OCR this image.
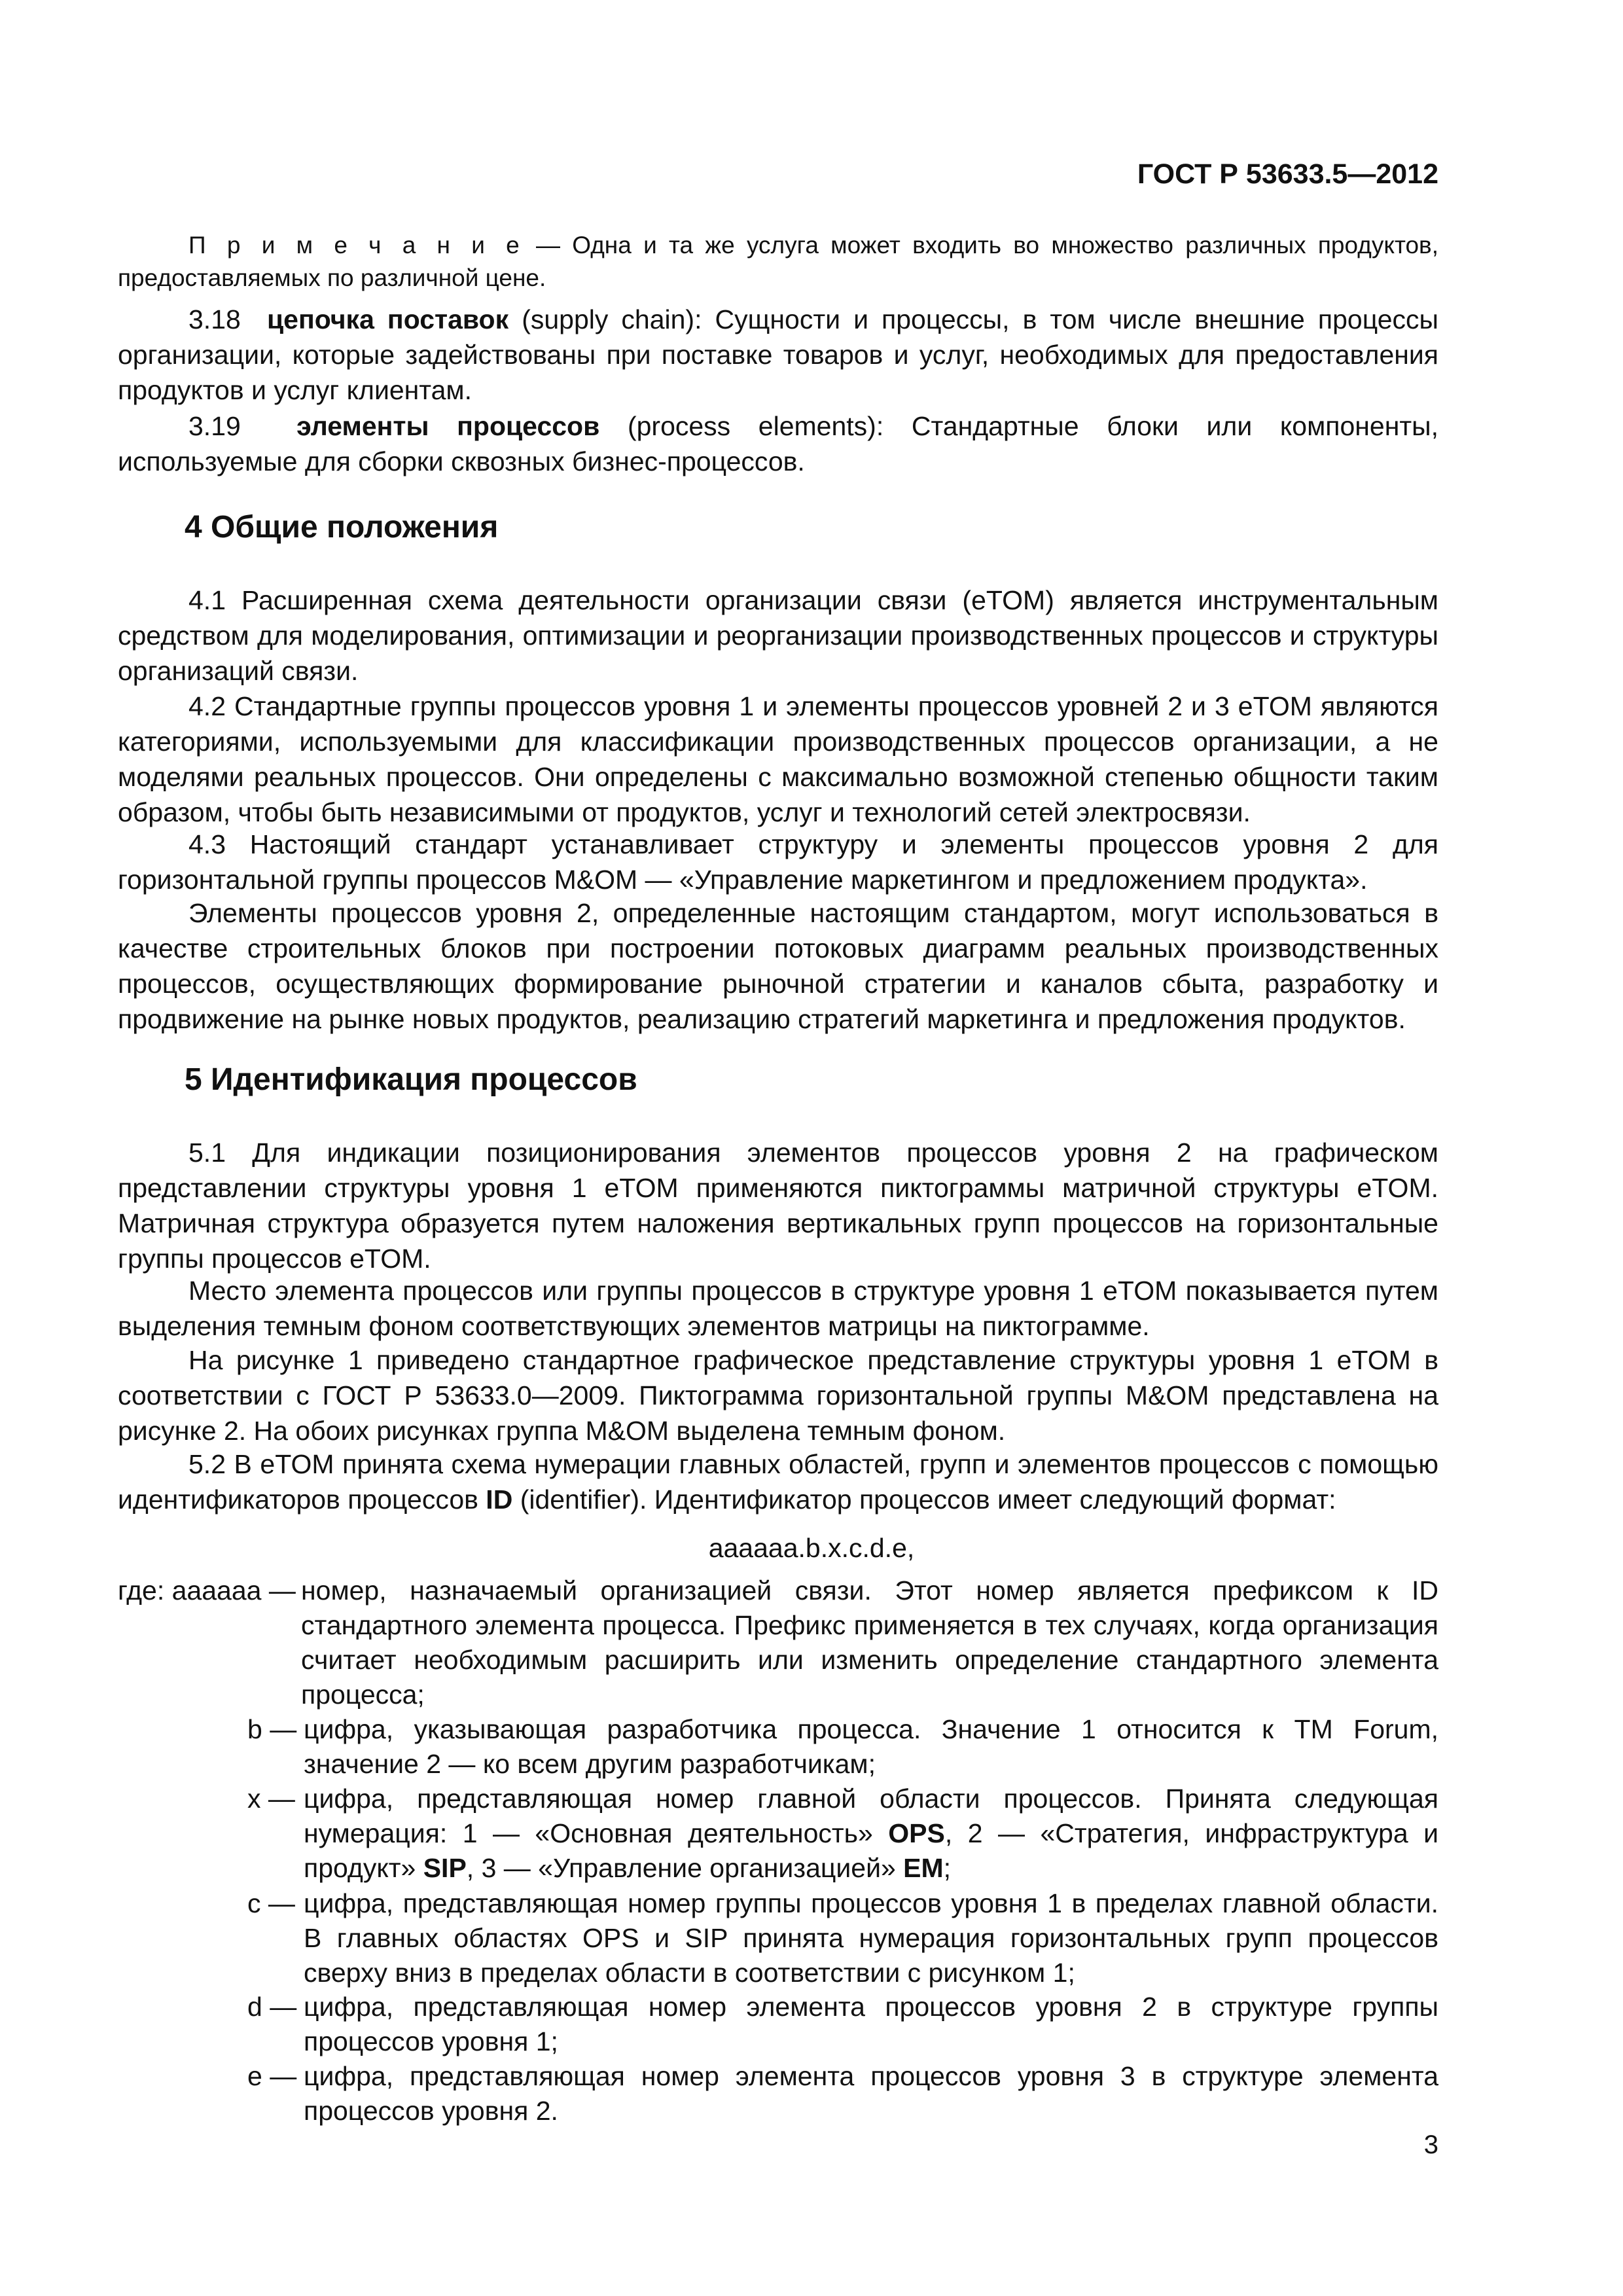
ГОСТ Р 53633.5—2012

П р и м е ч а н и е — Одна и та же услуга может входить во множество различных продуктов, предоставляемых по различной цене.

3.18 цепочка поставок (supply chain): Сущности и процессы, в том числе внешние процессы организации, которые задействованы при поставке товаров и услуг, необходимых для предоставления продуктов и услуг клиентам.

3.19 элементы процессов (process elements): Стандартные блоки или компоненты, используемые для сборки сквозных бизнес-процессов.

4 Общие положения

4.1 Расширенная схема деятельности организации связи (eTOM) является инструментальным средством для моделирования, оптимизации и реорганизации производственных процессов и структуры организаций связи.

4.2 Стандартные группы процессов уровня 1 и элементы процессов уровней 2 и 3 eTOM являются категориями, используемыми для классификации производственных процессов организации, а не моделями реальных процессов. Они определены с максимально возможной степенью общности таким образом, чтобы быть независимыми от продуктов, услуг и технологий сетей электросвязи.

4.3 Настоящий стандарт устанавливает структуру и элементы процессов уровня 2 для горизонтальной группы процессов M&OM — «Управление маркетингом и предложением продукта».

Элементы процессов уровня 2, определенные настоящим стандартом, могут использоваться в качестве строительных блоков при построении потоковых диаграмм реальных производственных процессов, осуществляющих формирование рыночной стратегии и каналов сбыта, разработку и продвижение на рынке новых продуктов, реализацию стратегий маркетинга и предложения продуктов.

5 Идентификация процессов

5.1 Для индикации позиционирования элементов процессов уровня 2 на графическом представлении структуры уровня 1 eTOM применяются пиктограммы матричной структуры eTOM. Матричная структура образуется путем наложения вертикальных групп процессов на горизонтальные группы процессов eTOM.

Место элемента процессов или группы процессов в структуре уровня 1 eTOM показывается путем выделения темным фоном соответствующих элементов матрицы на пиктограмме.

На рисунке 1 приведено стандартное графическое представление структуры уровня 1 eTOM в соответствии с ГОСТ Р 53633.0—2009. Пиктограмма горизонтальной группы M&OM представлена на рисунке 2. На обоих рисунках группа M&OM выделена темным фоном.

5.2 В eTOM принята схема нумерации главных областей, групп и элементов процессов с помощью идентификаторов процессов ID (identifier). Идентификатор процессов имеет следующий формат:

aaaaaa.b.x.c.d.e,
где: aaaaaa — номер, назначаемый организацией связи. Этот номер является префиксом к ID стандартного элемента процесса. Префикс применяется в тех случаях, когда организация считает необходимым расширить или изменить определение стандартного элемента процесса;

b — цифра, указывающая разработчика процесса. Значение 1 относится к TM Forum, значение 2 — ко всем другим разработчикам;

x — цифра, представляющая номер главной области процессов. Принята следующая нумерация: 1 — «Основная деятельность» OPS, 2 — «Стратегия, инфраструктура и продукт» SIP, 3 — «Управление организацией» EM;

c — цифра, представляющая номер группы процессов уровня 1 в пределах главной области. В главных областях OPS и SIP принята нумерация горизонтальных групп процессов сверху вниз в пределах области в соответствии с рисунком 1;

d — цифра, представляющая номер элемента процессов уровня 2 в структуре группы процессов уровня 1;

e — цифра, представляющая номер элемента процессов уровня 3 в структуре элемента процессов уровня 2.

3
